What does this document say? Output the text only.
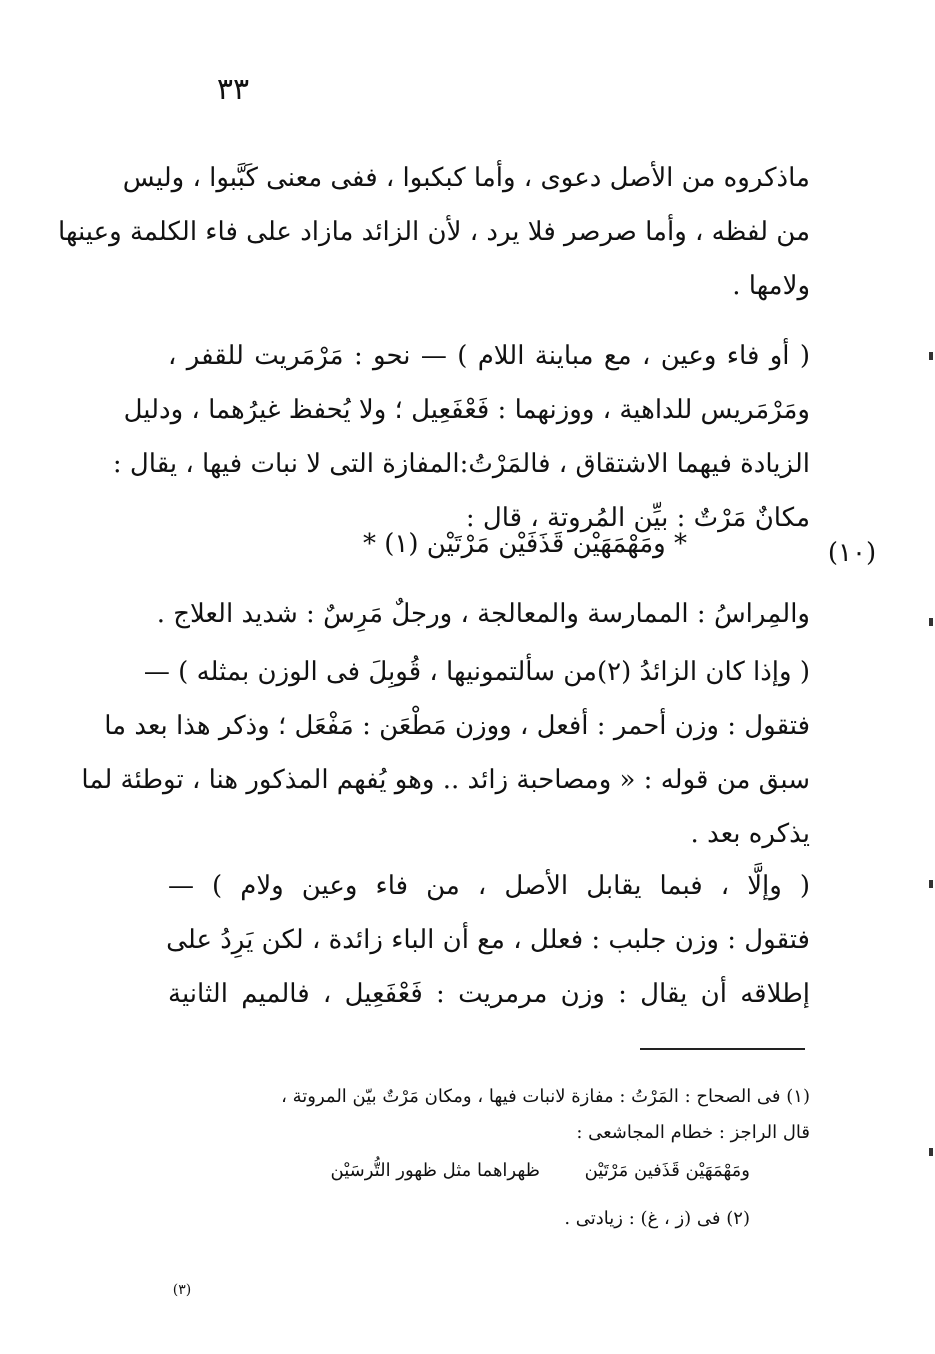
٣٣
ماذكروه من الأصل دعوى ، وأما كبكبوا ، ففى معنى كَبَّبوا ، وليس
من لفظه ، وأما صرصر فلا يرد ، لأن الزائد مازاد على فاء الكلمة وعينها
ولامها .
( أو فاء وعين ، مع مباينة اللام ) — نحو : مَرْمَريت للقفر ،
ومَرْمَريس للداهية ، ووزنهما : فَعْفَعِيل ؛ ولا يُحفظ غيرُهما ، ودليل
الزيادة فيهما الاشتقاق ، فالمَرْتُ:المفازة التى لا نبات فيها ، يقال :
مكانٌ مَرْتٌ : بيِّن المُروتة ، قال :
والمِراسُ : الممارسة والمعالجة ، ورجلٌ مَرِسٌ : شديد العلاج .
( وإذا كان الزائدُ (٢)من سألتمونيها ، قُوبِلَ فى الوزن بمثله ) —
فتقول : وزن أحمر : أفعل ، ووزن مَطْعَن : مَفْعَل ؛ وذكر هذا بعد ما
سبق من قوله : « ومصاحبة زائد .. وهو يُفهم المذكور هنا ، توطئة لما
يذكره بعد .
( وإلَّا ، فبما يقابل الأصل ، من فاء وعين ولام ) —
فتقول : وزن جلبب : فعلل ، مع أن الباء زائدة ، لكن يَرِدُ على
إطلاقه أن يقال : وزن مرمريت : فَعْفَعِيل ، فالميم الثانية
* ومَهْمَهَيْن قَذَفَيْن مَرْتَيْن (١) *	(١٠)
(١) فى الصحاح : المَرْتُ : مفازة لانبات فيها ، ومكان مَرْتٌ بيّن المروتة ،
قال الراجز : خطام المجاشعى :
ومَهْمَهَيْن قَذَفين مَرْتَيْن
ظهراهما مثل ظهور التُّرسَيْن
(٢) فى (ز ، غ) : زيادتى .
(٣)
